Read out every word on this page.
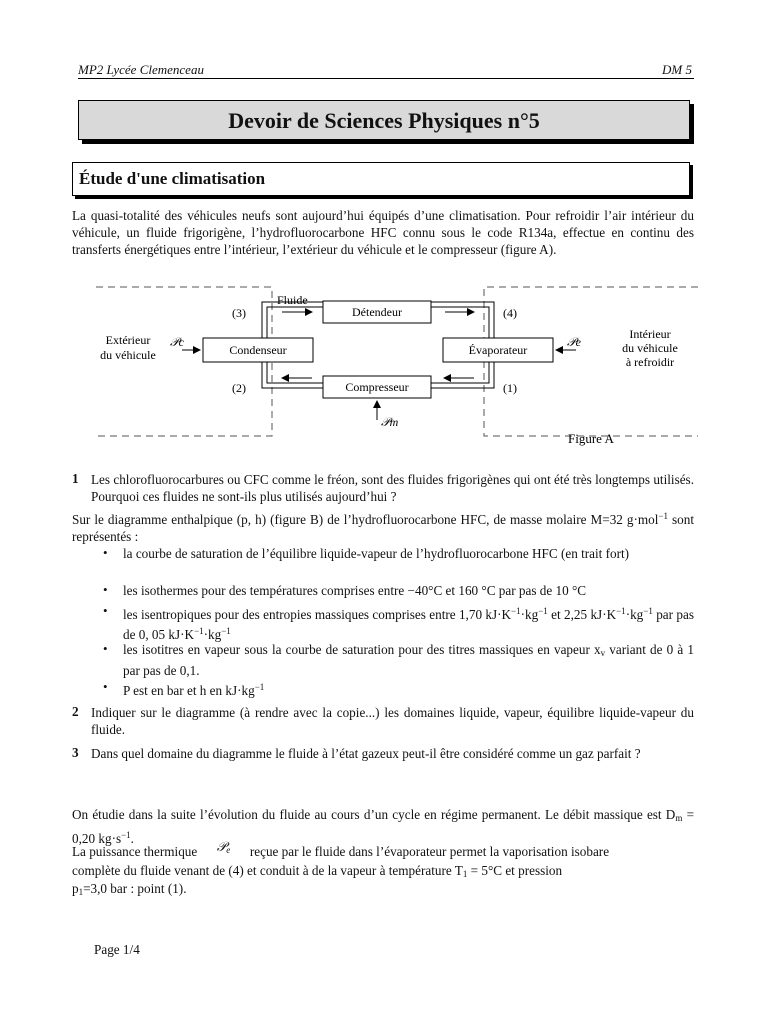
MP2 Lycée Clemenceau	DM 5
Devoir de Sciences Physiques n°5
Étude d'une climatisation
La quasi-totalité des véhicules neufs sont aujourd’hui équipés d’une climatisation. Pour refroidir l’air intérieur du véhicule, un fluide frigorigène, l’hydrofluorocarbone HFC connu sous le code R134a, effectue en continu des transferts énergétiques entre l’intérieur, l’extérieur du véhicule et le compresseur (figure A).
Détendeur
Condenseur	Évaporateur
Compresseur
Fluide
(3)	(4)
(2)	(1)
Extérieur
du véhicule
Intérieur
du véhicule
à refroidir
𝒫c	𝒫e
𝒫m
Figure A
1 Les chlorofluorocarbures ou CFC comme le fréon, sont des fluides frigorigènes qui ont été très longtemps utilisés. Pourquoi ces fluides ne sont-ils plus utilisés aujourd’hui ?
Sur le diagramme enthalpique (p, h) (figure B) de l’hydrofluorocarbone HFC, de masse molaire M=32 g·mol$^{-1}$ sont représentés :
• la courbe de saturation de l’équilibre liquide-vapeur de l’hydrofluorocarbone HFC (en trait fort)
• les isothermes pour des températures comprises entre −40°C et 160 °C par pas de 10 °C
• les isentropiques pour des entropies massiques comprises entre 1,70 $kJ\cdot K^{-1}\cdot kg^{-1}$ et 2,25 $kJ\cdot K^{-1}\cdot kg^{-1}$ par pas de 0, 05 $kJ\cdot K^{-1}\cdot kg^{-1}$
• les isotitres en vapeur sous la courbe de saturation pour des titres massiques en vapeur $x_v$ variant de 0 à 1 par pas de 0,1.
• P est en bar et h en $kJ\cdot kg^{-1}$
2 Indiquer sur le diagramme (à rendre avec la copie...) les domaines liquide, vapeur, équilibre liquide-vapeur du fluide.
3 Dans quel domaine du diagramme le fluide à l’état gazeux peut-il être considéré comme un gaz parfait ?
On étudie dans la suite l’évolution du fluide au cours d’un cycle en régime permanent. Le débit massique est $D_m = 0,20$ $kg\cdot s^{-1}$.
La puissance thermique 𝒫$_e$ reçue par le fluide dans l’évaporateur permet la vaporisation isobare
complète du fluide venant de (4) et conduit à de la vapeur à température $T_1 = 5^\circ C$ et pression
$p_1=3,0$ bar : point (1).
Page 1/4
